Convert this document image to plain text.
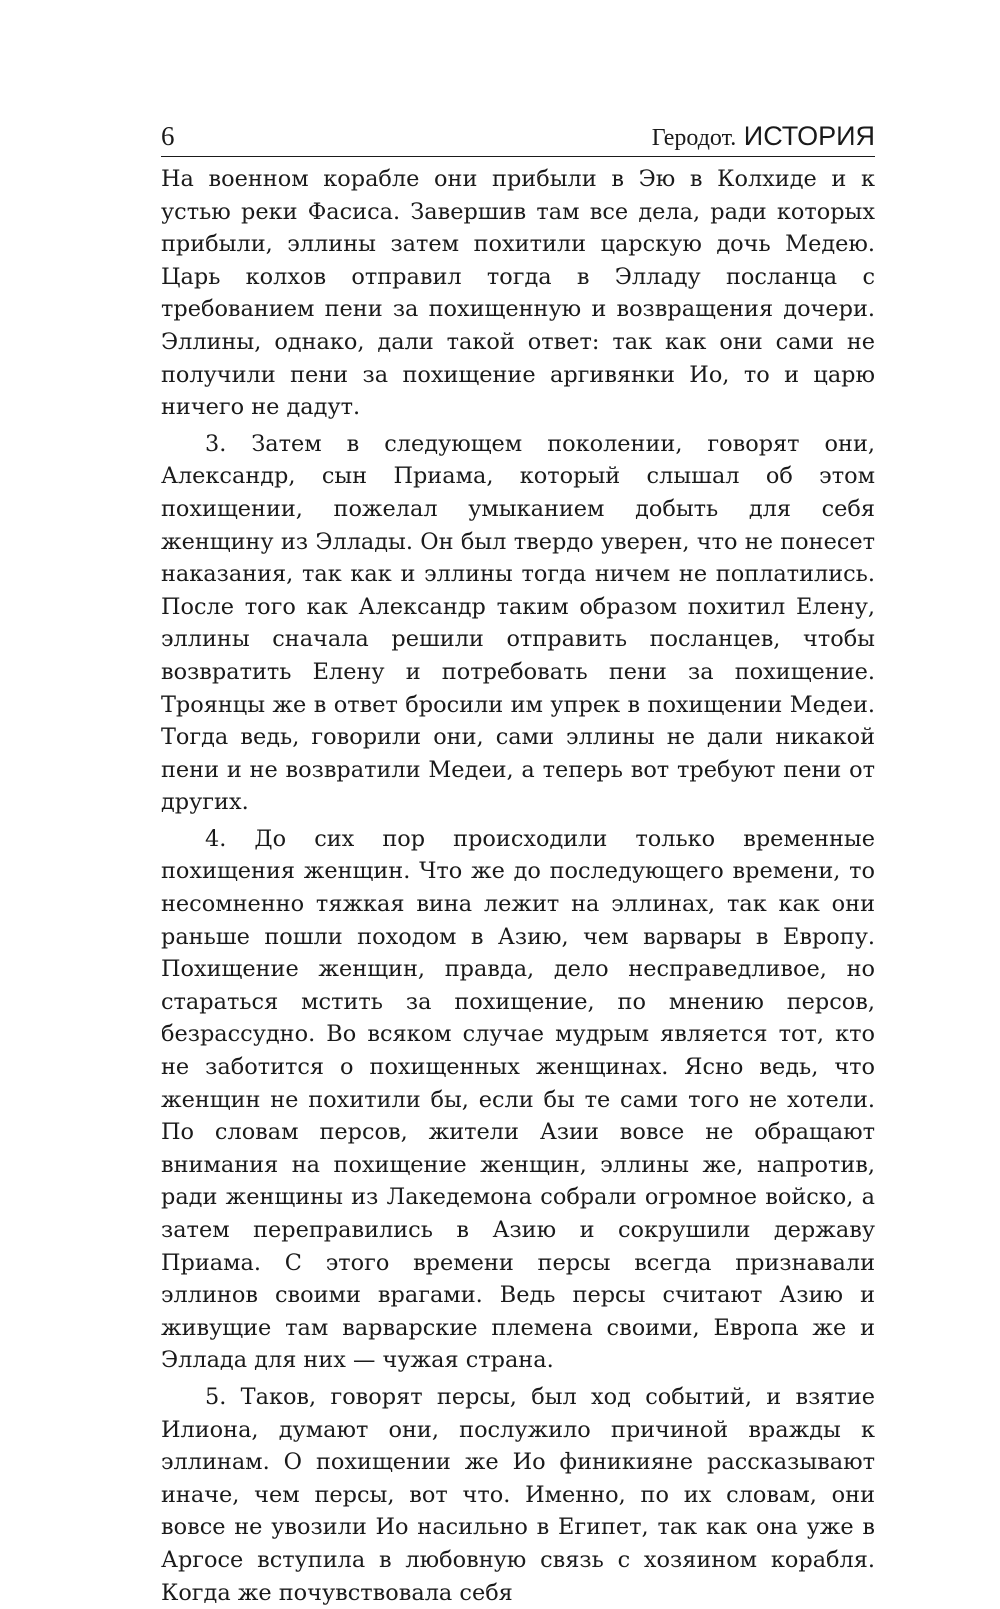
6	Геродот. ИСТОРИЯ

На военном корабле они прибыли в Эю в Колхиде и к устью реки Фасиса. Завершив там все дела, ради которых прибыли, эллины затем похитили царскую дочь Медею. Царь колхов отправил тогда в Элладу посланца с требованием пени за похищенную и возвращения дочери. Эллины, однако, дали такой ответ: так как они сами не получили пени за похищение аргивянки Ио, то и царю ничего не дадут.

3. Затем в следующем поколении, говорят они, Александр, сын Приама, который слышал об этом похищении, пожелал умыканием добыть для себя женщину из Эллады. Он был твердо уверен, что не понесет наказания, так как и эллины тогда ничем не поплатились. После того как Александр таким образом похитил Елену, эллины сначала решили отправить посланцев, чтобы возвратить Елену и потребовать пени за похищение. Троянцы же в ответ бросили им упрек в похищении Медеи. Тогда ведь, говорили они, сами эллины не дали никакой пени и не возвратили Медеи, а теперь вот требуют пени от других.

4. До сих пор происходили только временные похищения женщин. Что же до последующего времени, то несомненно тяжкая вина лежит на эллинах, так как они раньше пошли походом в Азию, чем варвары в Европу. Похищение женщин, правда, дело несправедливое, но стараться мстить за похищение, по мнению персов, безрассудно. Во всяком случае мудрым является тот, кто не заботится о похищенных женщинах. Ясно ведь, что женщин не похитили бы, если бы те сами того не хотели. По словам персов, жители Азии вовсе не обращают внимания на похищение женщин, эллины же, напротив, ради женщины из Лакедемона собрали огромное войско, а затем переправились в Азию и сокрушили державу Приама. С этого времени персы всегда признавали эллинов своими врагами. Ведь персы считают Азию и живущие там варварские племена своими, Европа же и Эллада для них — чужая страна.

5. Таков, говорят персы, был ход событий, и взятие Илиона, думают они, послужило причиной вражды к эллинам. О похищении же Ио финикияне рассказывают иначе, чем персы, вот что. Именно, по их словам, они вовсе не увозили Ио насильно в Египет, так как она уже в Аргосе вступила в любовную связь с хозяином корабля. Когда же почувствовала себя
